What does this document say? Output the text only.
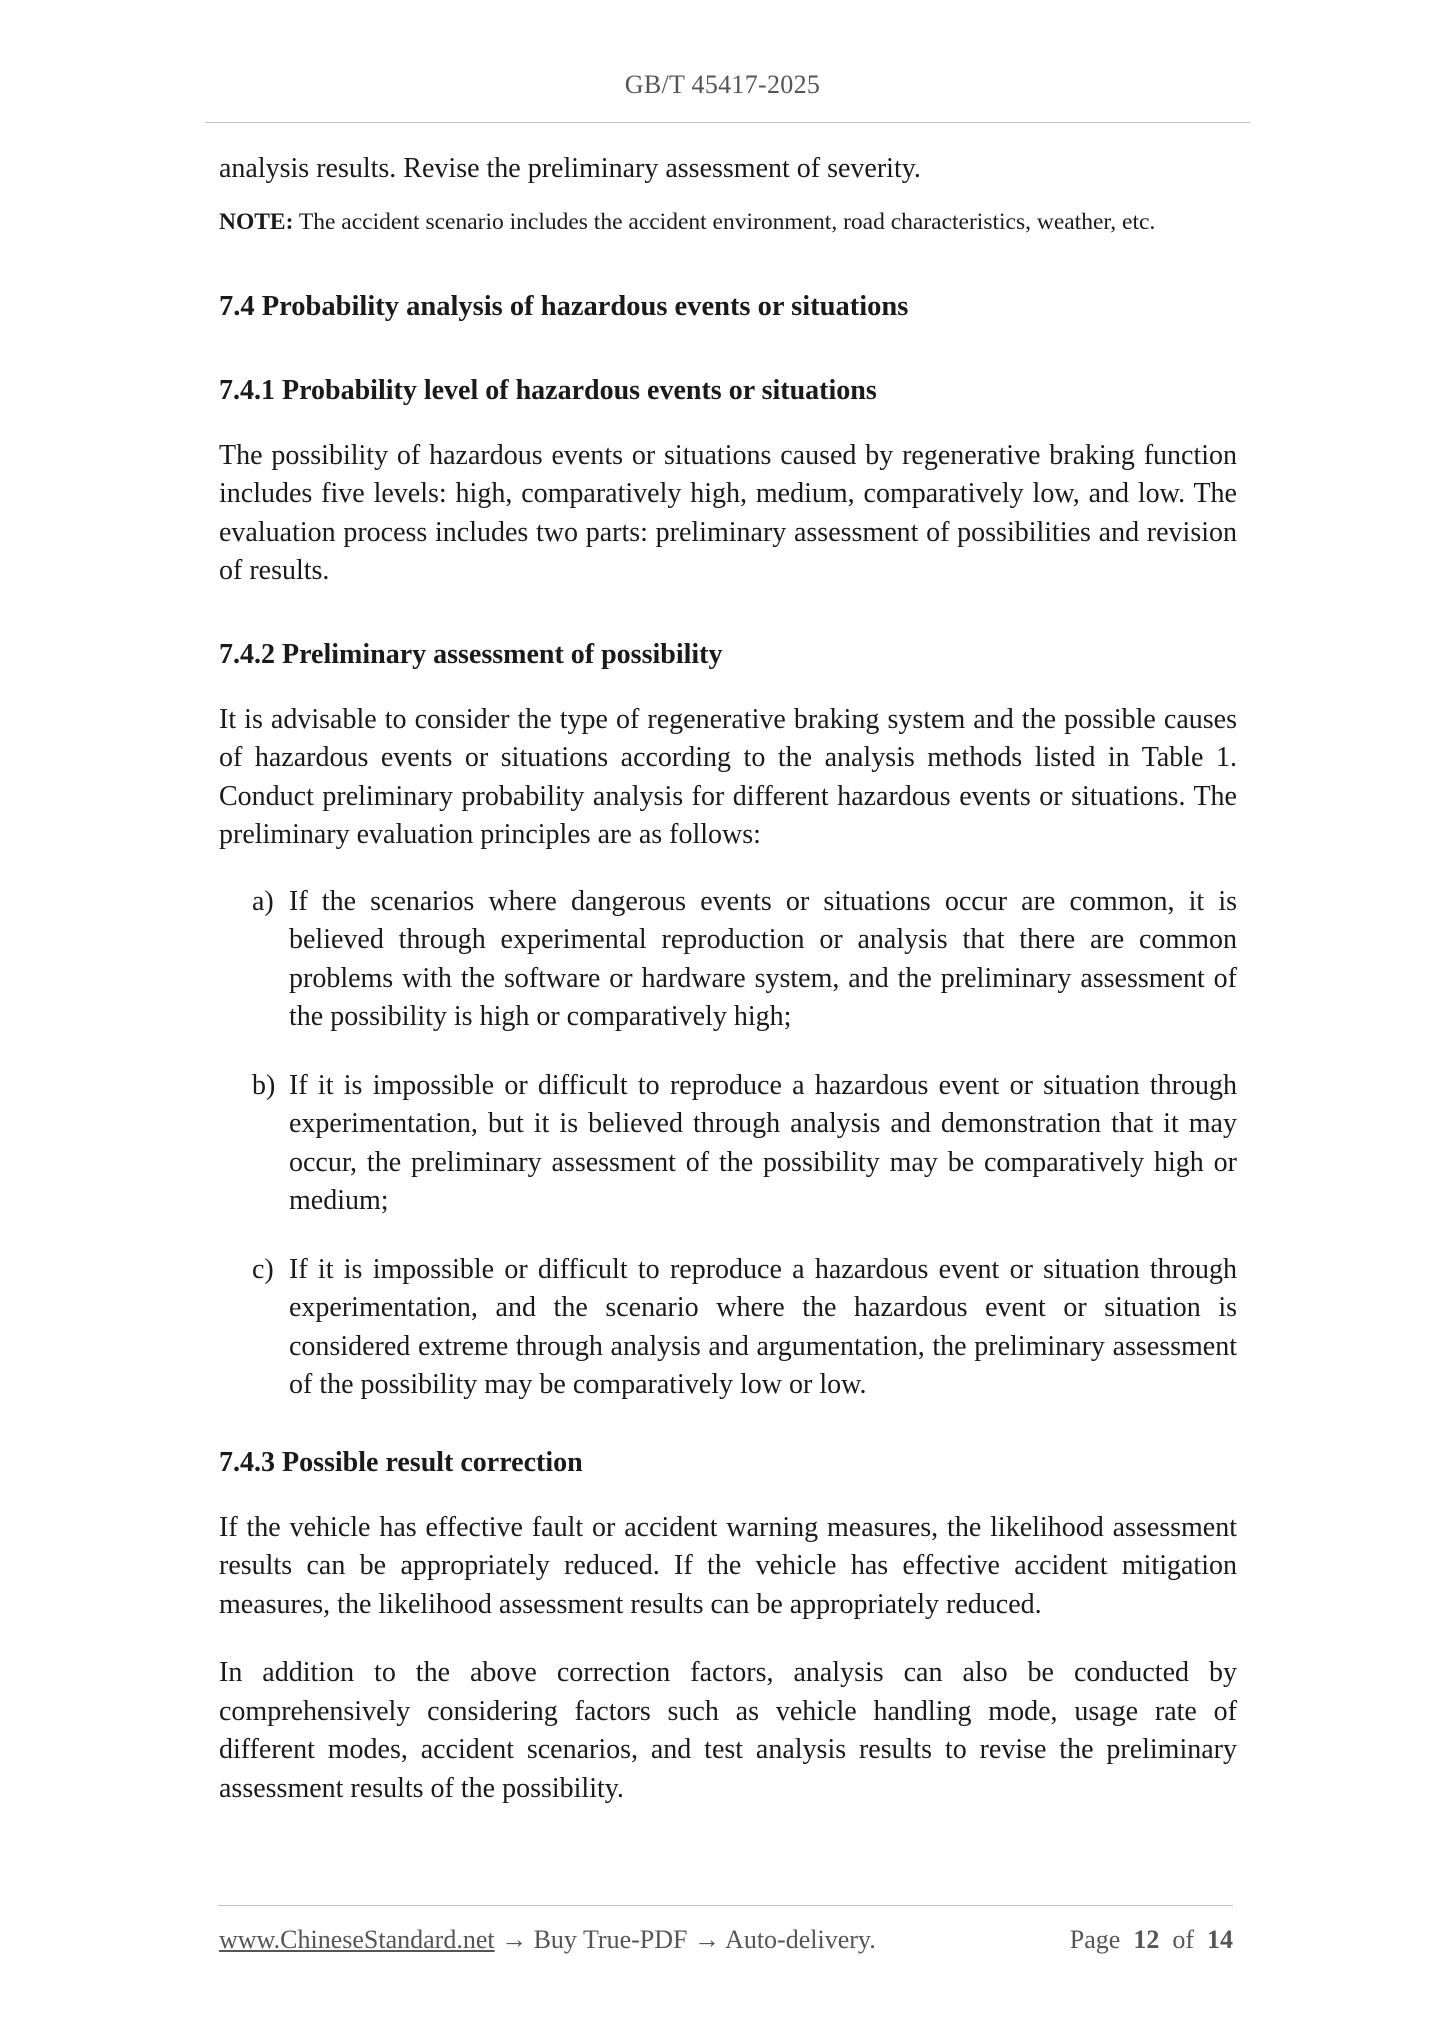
GB/T 45417-2025

analysis results. Revise the preliminary assessment of severity.

NOTE: The accident scenario includes the accident environment, road characteristics, weather, etc.

7.4 Probability analysis of hazardous events or situations
7.4.1 Probability level of hazardous events or situations

The possibility of hazardous events or situations caused by regenerative braking function includes five levels: high, comparatively high, medium, comparatively low, and low. The evaluation process includes two parts: preliminary assessment of possibilities and revision of results.

7.4.2 Preliminary assessment of possibility

It is advisable to consider the type of regenerative braking system and the possible causes of hazardous events or situations according to the analysis methods listed in Table 1. Conduct preliminary probability analysis for different hazardous events or situations. The preliminary evaluation principles are as follows:

a) If the scenarios where dangerous events or situations occur are common, it is believed through experimental reproduction or analysis that there are common problems with the software or hardware system, and the preliminary assessment of the possibility is high or comparatively high;
b) If it is impossible or difficult to reproduce a hazardous event or situation through experimentation, but it is believed through analysis and demonstration that it may occur, the preliminary assessment of the possibility may be comparatively high or medium;
c) If it is impossible or difficult to reproduce a hazardous event or situation through experimentation, and the scenario where the hazardous event or situation is considered extreme through analysis and argumentation, the preliminary assessment of the possibility may be comparatively low or low.
7.4.3 Possible result correction

If the vehicle has effective fault or accident warning measures, the likelihood assessment results can be appropriately reduced. If the vehicle has effective accident mitigation measures, the likelihood assessment results can be appropriately reduced.

In addition to the above correction factors, analysis can also be conducted by comprehensively considering factors such as vehicle handling mode, usage rate of different modes, accident scenarios, and test analysis results to revise the preliminary assessment results of the possibility.

www.ChineseStandard.net → Buy True-PDF → Auto-delivery.	Page 12 of 14
